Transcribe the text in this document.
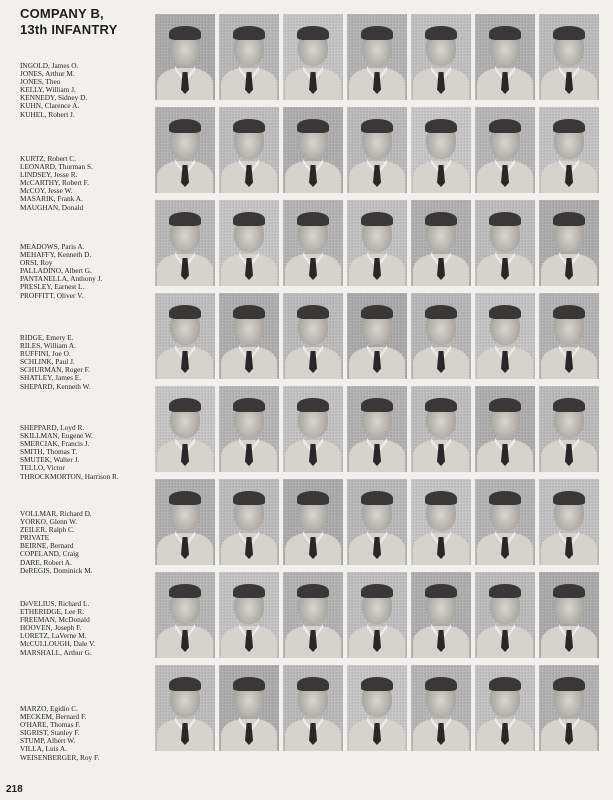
COMPANY B,
13th INFANTRY
INGOLD, James O.
JONES, Arthur M.
JONES, Theo
KELLY, William J.
KENNEDY, Sidney D.
KUHN, Clarence A.
KUHEL, Robert J.
KURTZ, Robert C.
LEONARD, Thurman S.
LINDSEY, Jesse R.
McCARTHY, Robert F.
McCOY, Jesse W.
MASARIK, Frank A.
MAUGHAN, Donald
MEADOWS, Paris A.
MEHAFFY, Kenneth D.
ORSI, Roy
PALLADINO, Albert G.
PANTANELLA, Anthony J.
PRESLEY, Earnest L.
PROFFITT, Oliver V.
RIDGE, Emery E.
RILES, William A.
RUFFINI, Joe O.
SCHLINK, Paul J.
SCHURMAN, Roger F.
SHATLEY, James E.
SHEPARD, Kenneth W.
SHEPPARD, Loyd R.
SKILLMAN, Eugene W.
SMERCIAK, Francis J.
SMITH, Thomas T.
SMUTEK, Walter J.
TELLO, Victor
THROCKMORTON, Harrison R.
VOLLMAR, Richard D.
YORKO, Glenn W.
ZEILER, Ralph C.
PRIVATE
BEIRNE, Bernard
COPELAND, Craig
DARE, Robert A.
DeREGIS, Dominick M.
DeVELIUS, Richard L.
ETHERIDGE, Lee R.
FREEMAN, McDonald
HOOVEN, Joseph F.
LORETZ, LaVerne M.
McCULLOUGH, Dale V.
MARSHALL, Arthur G.
MARZO, Egidio C.
MECKEM, Bernard F.
O'HARE, Thomas F.
SIGRIST, Stanley F.
STUMP, Albert W.
VILLA, Luis A.
WEISENBERGER, Roy F.
218
